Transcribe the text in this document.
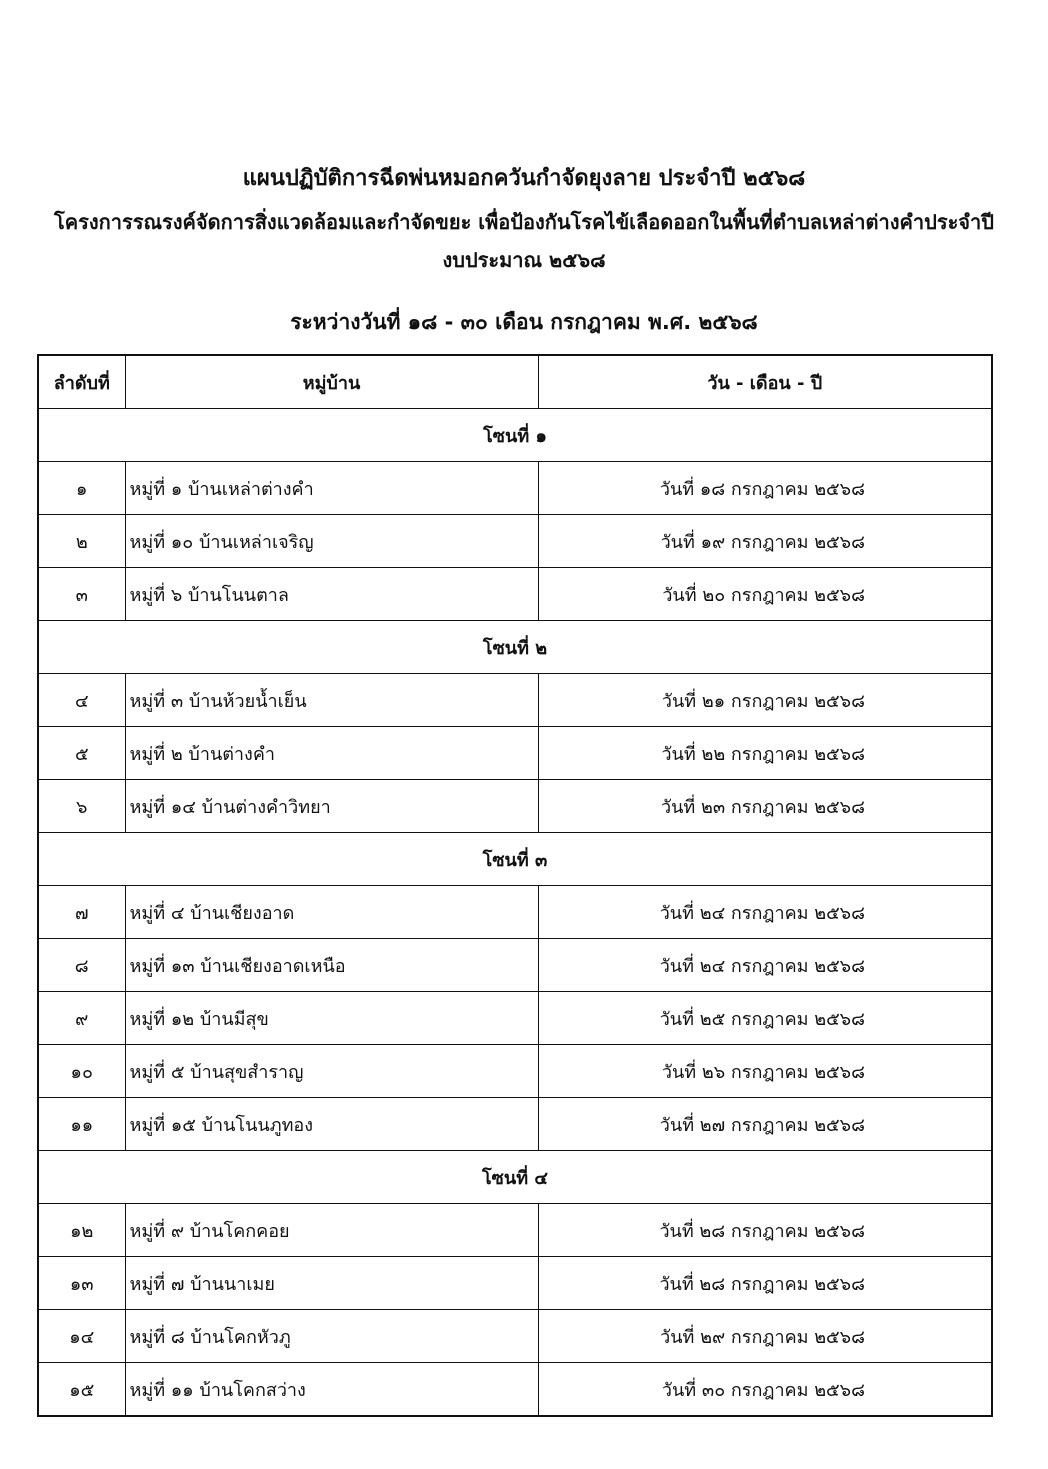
แผนปฏิบัติการฉีดพ่นหมอกควันกำจัดยุงลาย ประจำปี ๒๕๖๘
โครงการรณรงค์จัดการสิ่งแวดล้อมและกำจัดขยะ เพื่อป้องกันโรคไข้เลือดออกในพื้นที่ตำบลเหล่าต่างคำประจำปี
งบประมาณ ๒๕๖๘
ระหว่างวันที่ ๑๘ - ๓๐ เดือน กรกฎาคม พ.ศ. ๒๕๖๘
ลำดับที่	หมู่บ้าน	วัน - เดือน - ปี
โซนที่ ๑		
๑	หมู่ที่ ๑ บ้านเหล่าต่างคำ	วันที่ ๑๘ กรกฎาคม ๒๕๖๘
๒	หมู่ที่ ๑๐ บ้านเหล่าเจริญ	วันที่ ๑๙ กรกฎาคม ๒๕๖๘
๓	หมู่ที่ ๖ บ้านโนนตาล	วันที่ ๒๐ กรกฎาคม ๒๕๖๘
โซนที่ ๒		
๔	หมู่ที่ ๓ บ้านห้วยน้ำเย็น	วันที่ ๒๑ กรกฎาคม ๒๕๖๘
๕	หมู่ที่ ๒ บ้านต่างคำ	วันที่ ๒๒ กรกฎาคม ๒๕๖๘
๖	หมู่ที่ ๑๔ บ้านต่างคำวิทยา	วันที่ ๒๓ กรกฎาคม ๒๕๖๘
โซนที่ ๓		
๗	หมู่ที่ ๔ บ้านเชียงอาด	วันที่ ๒๔ กรกฎาคม ๒๕๖๘
๘	หมู่ที่ ๑๓ บ้านเชียงอาดเหนือ	วันที่ ๒๔ กรกฎาคม ๒๕๖๘
๙	หมู่ที่ ๑๒ บ้านมีสุข	วันที่ ๒๕ กรกฎาคม ๒๕๖๘
๑๐	หมู่ที่ ๕ บ้านสุขสำราญ	วันที่ ๒๖ กรกฎาคม ๒๕๖๘
๑๑	หมู่ที่ ๑๕ บ้านโนนภูทอง	วันที่ ๒๗ กรกฎาคม ๒๕๖๘
โซนที่ ๔		
๑๒	หมู่ที่ ๙ บ้านโคกคอย	วันที่ ๒๘ กรกฎาคม ๒๕๖๘
๑๓	หมู่ที่ ๗ บ้านนาเมย	วันที่ ๒๘ กรกฎาคม ๒๕๖๘
๑๔	หมู่ที่ ๘ บ้านโคกหัวภู	วันที่ ๒๙ กรกฎาคม ๒๕๖๘
๑๕	หมู่ที่ ๑๑ บ้านโคกสว่าง	วันที่ ๓๐ กรกฎาคม ๒๕๖๘
